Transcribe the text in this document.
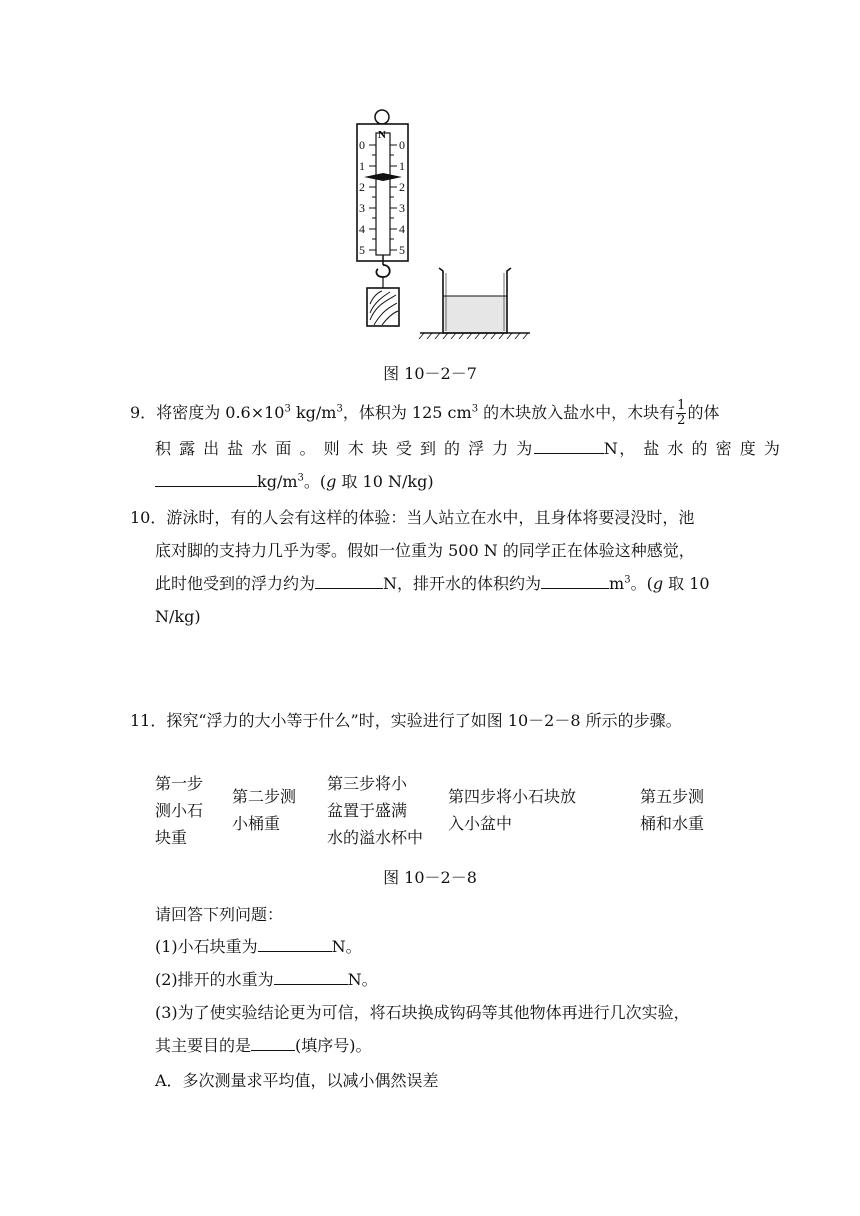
N
0
1
2
3
4
5
0
1
2
3
4
5
图 10－2－7
9．将密度为 $0.6\times 10^3$ $kg/m^3$，体积为 125 $cm^3$ 的木块放入盐水中，木块有 $\frac{1}{2}$ 的体
积 露 出 盐 水 面 。 则 木 块 受 到 的 浮 力 为	N， 盐 水 的 密 度 为
$kg/m^3$。(g 取 10 N/kg)
10．游泳时，有的人会有这样的体验：当人站立在水中，且身体将要浸没时，池
底对脚的支持力几乎为零。假如一位重为 500 N 的同学正在体验这种感觉，
此时他受到的浮力约为	N，排开水的体积约为	$m^3$。(g 取 10
N/kg)
11．探究“浮力的大小等于什么”时，实验进行了如图 10－2－8 所示的步骤。
第一步
测小石
块重
第二步测
小桶重
第三步将小
盆置于盛满
水的溢水杯中
第四步将小石块放
入小盆中
第五步测
桶和水重
图 10－2－8
请回答下列问题：
(1)小石块重为	N。
(2)排开的水重为	N。
(3)为了使实验结论更为可信，将石块换成钩码等其他物体再进行几次实验，
其主要目的是	(填序号)。
A．多次测量求平均值，以减小偶然误差
